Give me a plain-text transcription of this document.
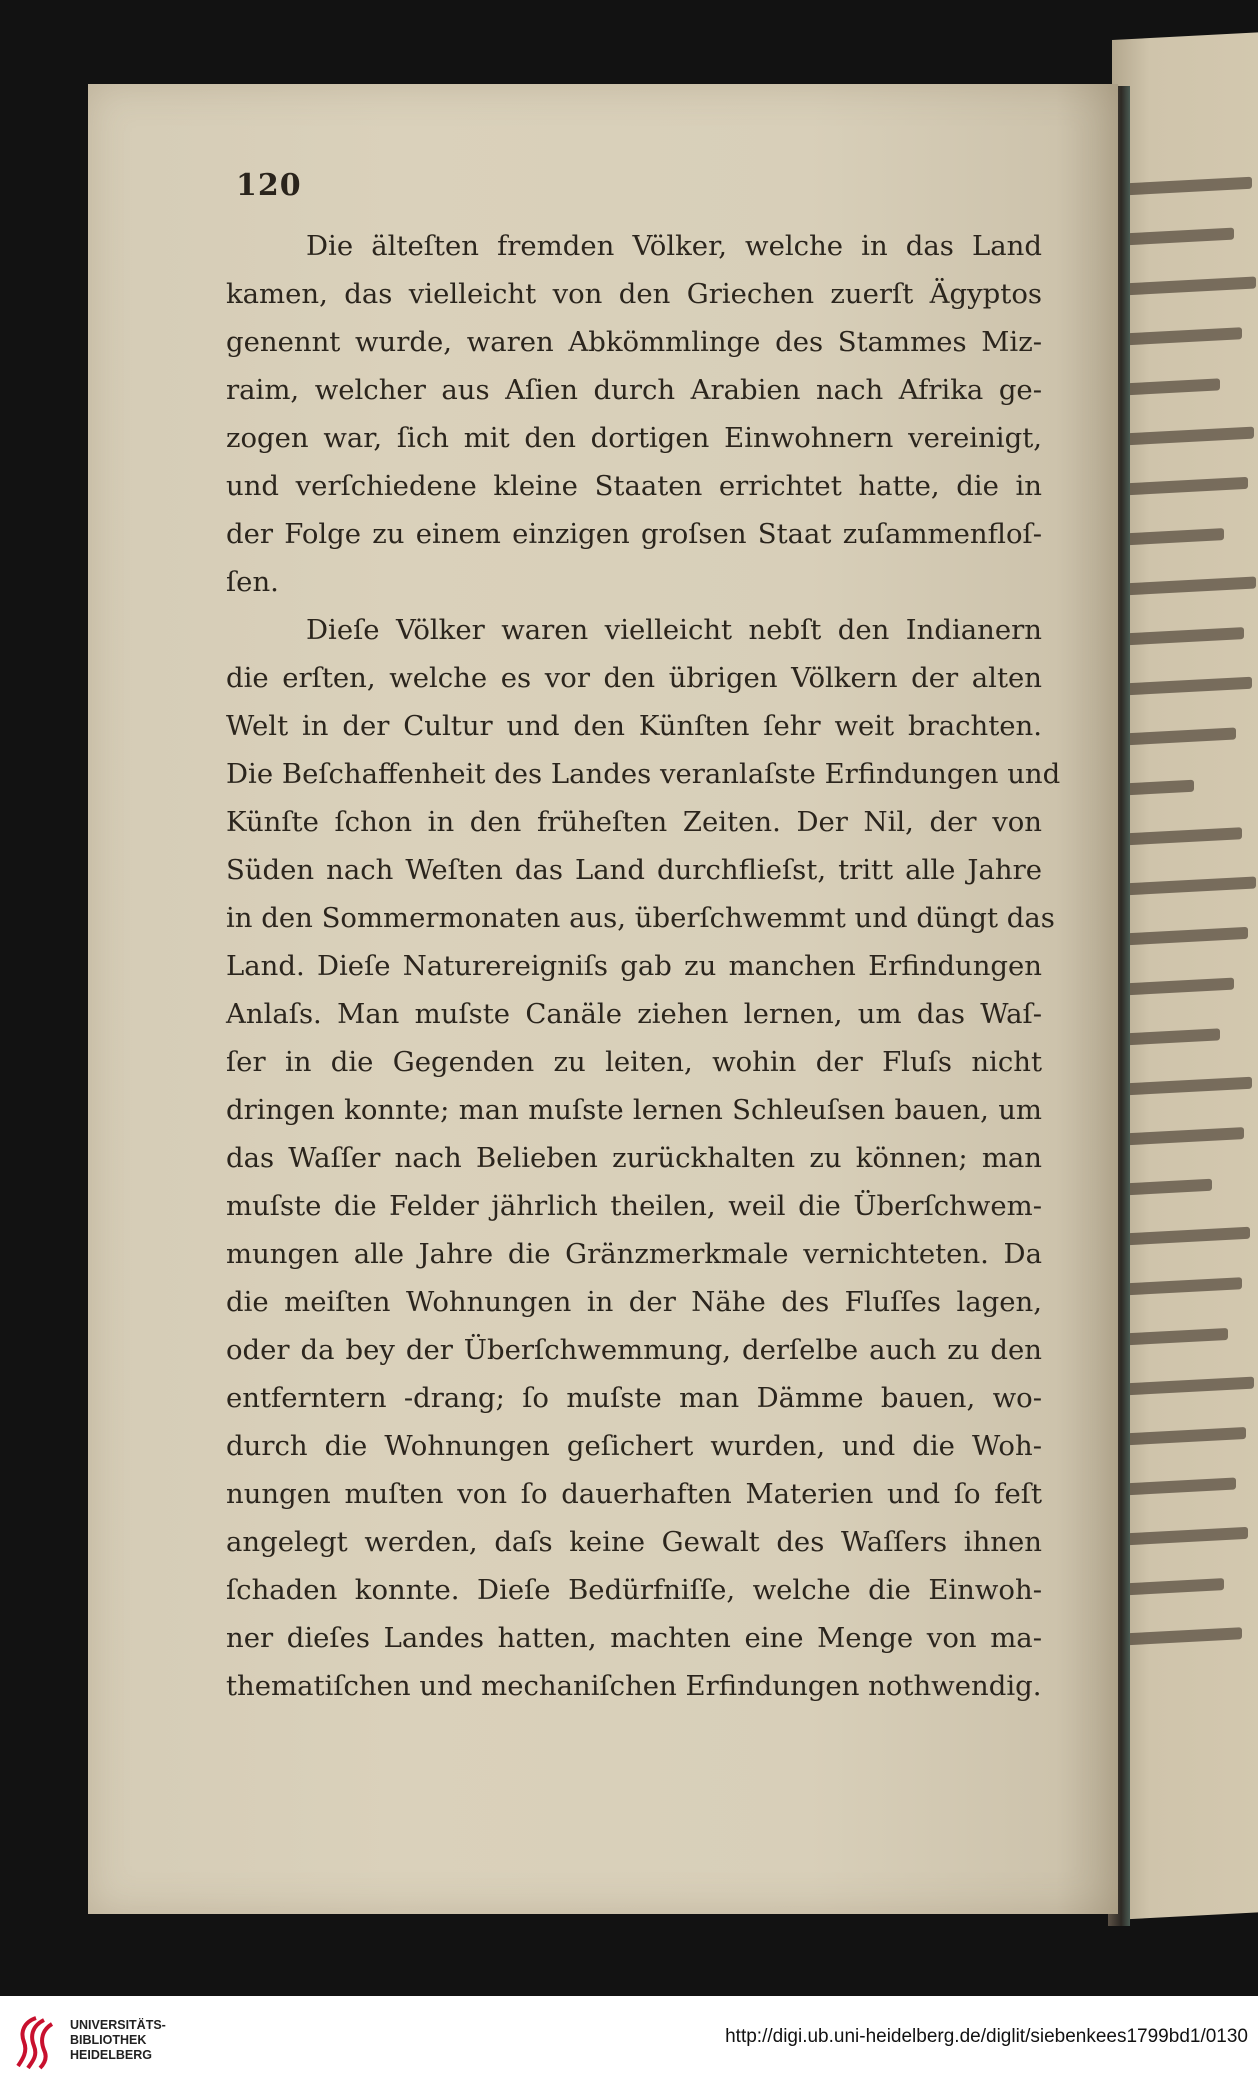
120
Die älteſten fremden Völker, welche in das Land
kamen, das vielleicht von den Griechen zuerſt Ägyptos
genennt wurde, waren Abkömmlinge des Stammes Miz-
raim, welcher aus Aſien durch Arabien nach Afrika ge-
zogen war, ſich mit den dortigen Einwohnern vereinigt,
und verſchiedene kleine Staaten errichtet hatte, die in
der Folge zu einem einzigen groſsen Staat zuſammenfloſ-
ſen.
Dieſe Völker waren vielleicht nebſt den Indianern
die erſten, welche es vor den übrigen Völkern der alten
Welt in der Cultur und den Künſten ſehr weit brachten.
Die Beſchaffenheit des Landes veranlaſste Erfindungen und
Künſte ſchon in den früheſten Zeiten. Der Nil, der von
Süden nach Weſten das Land durchflieſst, tritt alle Jahre
in den Sommermonaten aus, überſchwemmt und düngt das
Land. Dieſe Naturereigniſs gab zu manchen Erfindungen
Anlaſs. Man muſste Canäle ziehen lernen, um das Waſ-
ſer in die Gegenden zu leiten, wohin der Fluſs nicht
dringen konnte; man muſste lernen Schleuſsen bauen, um
das Waſſer nach Belieben zurückhalten zu können; man
muſste die Felder jährlich theilen, weil die Überſchwem-
mungen alle Jahre die Gränzmerkmale vernichteten. Da
die meiſten Wohnungen in der Nähe des Fluſſes lagen,
oder da bey der Überſchwemmung, derſelbe auch zu den
entferntern ‑drang; ſo muſste man Dämme bauen, wo-
durch die Wohnungen geſichert wurden, und die Woh-
nungen muſten von ſo dauerhaften Materien und ſo feſt
angelegt werden, daſs keine Gewalt des Waſſers ihnen
ſchaden konnte. Dieſe Bedürfniſſe, welche die Einwoh-
ner dieſes Landes hatten, machten eine Menge von ma-
thematiſchen und mechaniſchen Erfindungen nothwendig.
UNIVERSITÄTS-
BIBLIOTHEK
HEIDELBERG
http://digi.ub.uni-heidelberg.de/diglit/siebenkees1799bd1/0130
